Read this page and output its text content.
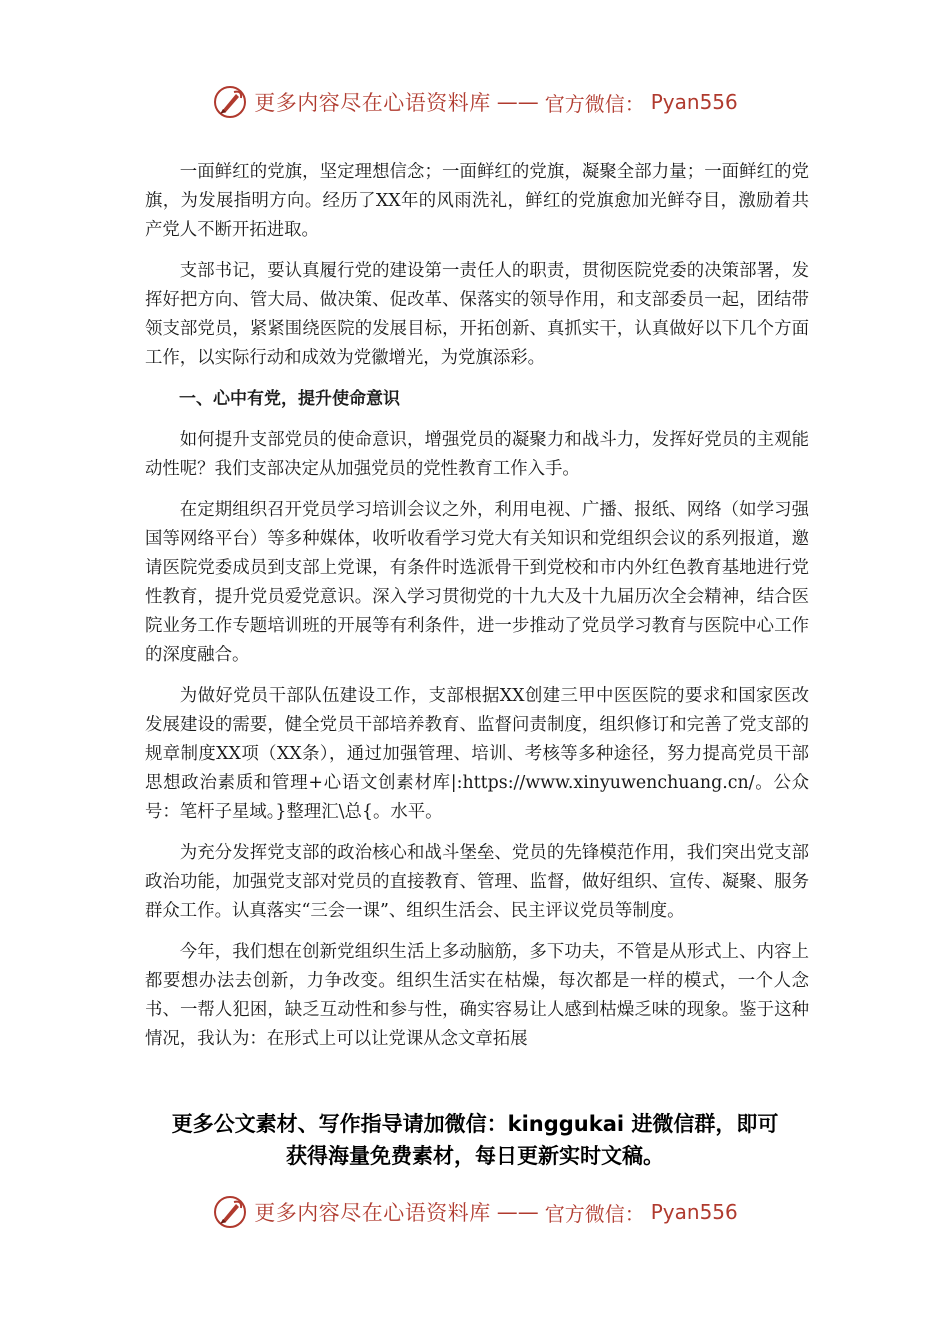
更多内容尽在心语资料库 —— 官方微信： Pyan556

一面鲜红的党旗，坚定理想信念；一面鲜红的党旗，凝聚全部力量；一面鲜红的党旗，为发展指明方向。经历了XX年的风雨洗礼，鲜红的党旗愈加光鲜夺目，激励着共产党人不断开拓进取。

支部书记，要认真履行党的建设第一责任人的职责，贯彻医院党委的决策部署，发挥好把方向、管大局、做决策、促改革、保落实的领导作用，和支部委员一起，团结带领支部党员，紧紧围绕医院的发展目标，开拓创新、真抓实干，认真做好以下几个方面工作，以实际行动和成效为党徽增光，为党旗添彩。

一、心中有党，提升使命意识

如何提升支部党员的使命意识，增强党员的凝聚力和战斗力，发挥好党员的主观能动性呢？我们支部决定从加强党员的党性教育工作入手。

在定期组织召开党员学习培训会议之外，利用电视、广播、报纸、网络（如学习强国等网络平台）等多种媒体，收听收看学习党大有关知识和党组织会议的系列报道，邀请医院党委成员到支部上党课，有条件时选派骨干到党校和市内外红色教育基地进行党性教育，提升党员爱党意识。深入学习贯彻党的十九大及十九届历次全会精神，结合医院业务工作专题培训班的开展等有利条件，进一步推动了党员学习教育与医院中心工作的深度融合。

为做好党员干部队伍建设工作，支部根据XX创建三甲中医医院的要求和国家医改发展建设的需要，健全党员干部培养教育、监督问责制度，组织修订和完善了党支部的规章制度XX项（XX条），通过加强管理、培训、考核等多种途径，努力提高党员干部思想政治素质和管理+心语文创素材库|:https://www.xinyuwenchuang.cn/。公众号：笔杆子星域。}整理汇\总{。水平。

为充分发挥党支部的政治核心和战斗堡垒、党员的先锋模范作用，我们突出党支部政治功能，加强党支部对党员的直接教育、管理、监督，做好组织、宣传、凝聚、服务群众工作。认真落实“三会一课”、组织生活会、民主评议党员等制度。

今年，我们想在创新党组织生活上多动脑筋，多下功夫，不管是从形式上、内容上都要想办法去创新，力争改变。组织生活实在枯燥，每次都是一样的模式，一个人念书、一帮人犯困，缺乏互动性和参与性，确实容易让人感到枯燥乏味的现象。鉴于这种情况，我认为：在形式上可以让党课从念文章拓展

更多公文素材、写作指导请加微信：kinggukai 进微信群，即可
获得海量免费素材，每日更新实时文稿。
更多内容尽在心语资料库 —— 官方微信： Pyan556
